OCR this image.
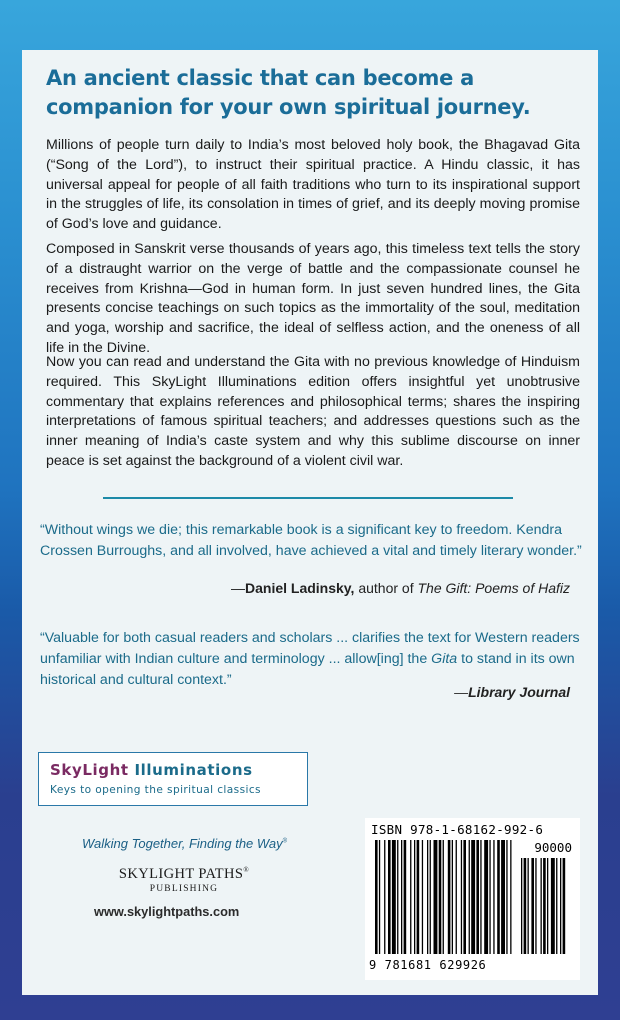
An ancient classic that can become a companion for your own spiritual journey.

Millions of people turn daily to India’s most beloved holy book, the Bhagavad Gita (“Song of the Lord”), to instruct their spiritual practice. A Hindu classic, it has universal appeal for people of all faith traditions who turn to its inspirational support in the struggles of life, its consolation in times of grief, and its deeply moving promise of God’s love and guidance.

Composed in Sanskrit verse thousands of years ago, this timeless text tells the story of a distraught warrior on the verge of battle and the compassionate counsel he receives from Krishna—God in human form. In just seven hundred lines, the Gita presents concise teachings on such topics as the immortality of the soul, meditation and yoga, worship and sacrifice, the ideal of selfless action, and the oneness of all life in the Divine.

Now you can read and understand the Gita with no previous knowledge of Hinduism required. This SkyLight Illuminations edition offers insightful yet unobtrusive commentary that explains references and philosophical terms; shares the inspiring interpretations of famous spiritual teachers; and addresses questions such as the inner meaning of India’s caste system and why this sublime discourse on inner peace is set against the background of a violent civil war.

“Without wings we die; this remarkable book is a significant key to freedom. Kendra Crossen Burroughs, and all involved, have achieved a vital and timely literary wonder.”

—Daniel Ladinsky, author of The Gift: Poems of Hafiz

“Valuable for both casual readers and scholars ... clarifies the text for Western readers unfamiliar with Indian culture and terminology ... allow[ing] the Gita to stand in its own historical and cultural context.”

—Library Journal

SkyLight Illuminations

Keys to opening the spiritual classics

Walking Together, Finding the Way®
SKYLIGHT PATHS®
PUBLISHING
www.skylightpaths.com
ISBN 978-1-68162-992-6
90000
9 781681 629926
